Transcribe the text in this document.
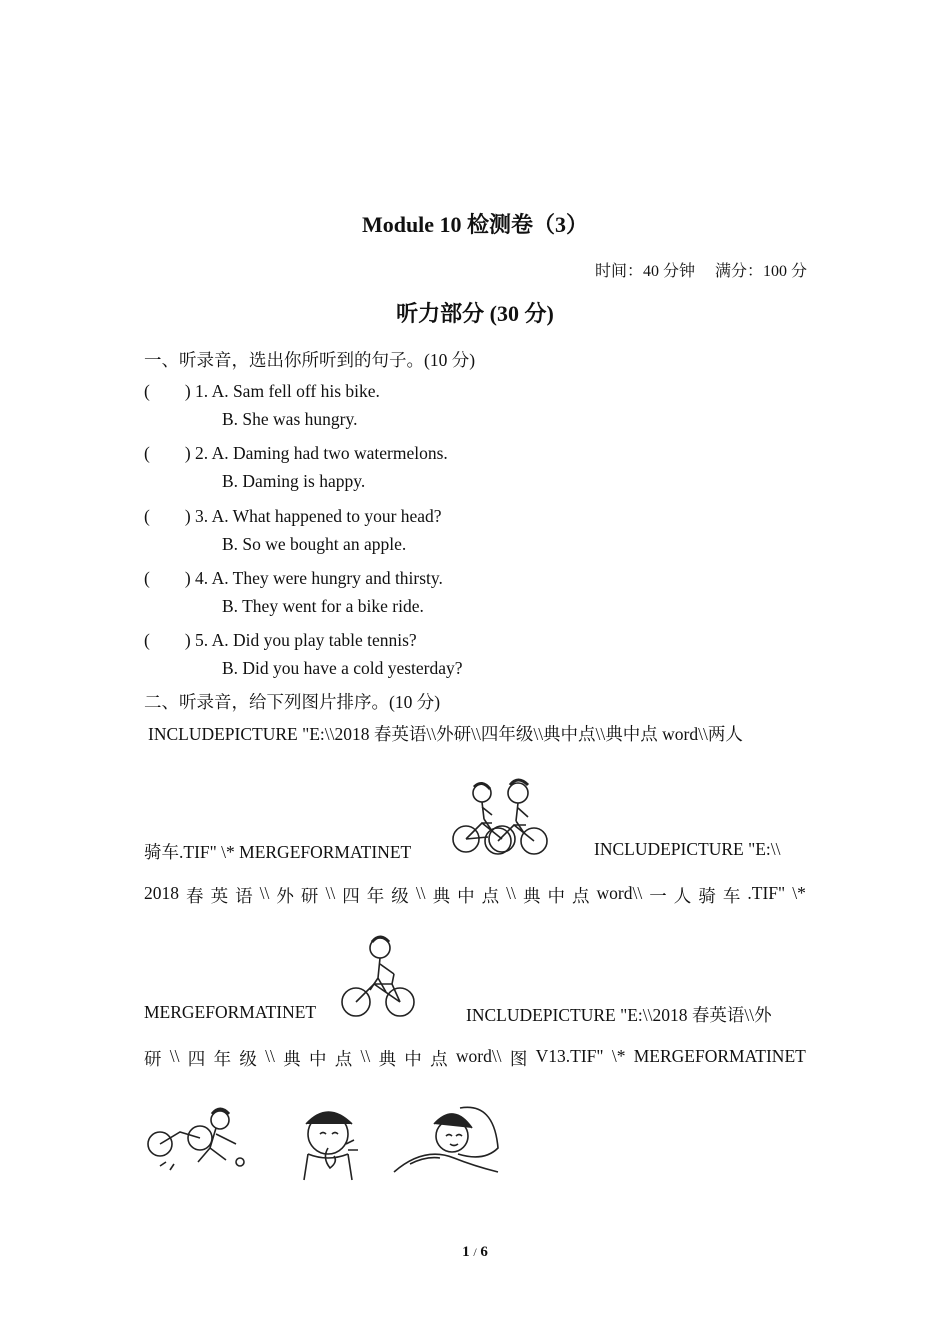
Module 10 检测卷（3）
时间：40 分钟　 满分：100 分
听力部分 (30 分)
一、听录音，选出你所听到的句子。(10 分)
(　　) 1. A. Sam fell off his bike.
B. She was hungry.
(　　) 2. A. Daming had two watermelons.
B. Daming is happy.
(　　) 3. A. What happened to your head?
B. So we bought an apple.
(　　) 4. A. They were hungry and thirsty.
B. They went for a bike ride.
(　　) 5. A. Did you play table tennis?
B. Did you have a cold yesterday?
二、听录音，给下列图片排序。(10 分)
INCLUDEPICTURE "E:\\2018 春英语\\外研\\四年级\\典中点\\典中点 word\\两人
骑车.TIF" \* MERGEFORMATINET	INCLUDEPICTURE "E:\\
2018 春 英 语 \\ 外 研 \\ 四 年 级 \\ 典 中 点 \\ 典 中 点 word\\ 一 人 骑 车 .TIF" \*
MERGEFORMATINET	INCLUDEPICTURE "E:\\2018 春英语\\外
研 \\ 四 年 级 \\ 典 中 点 \\ 典 中 点 word\\ 图 V13.TIF" \* MERGEFORMATINET
1 / 6
